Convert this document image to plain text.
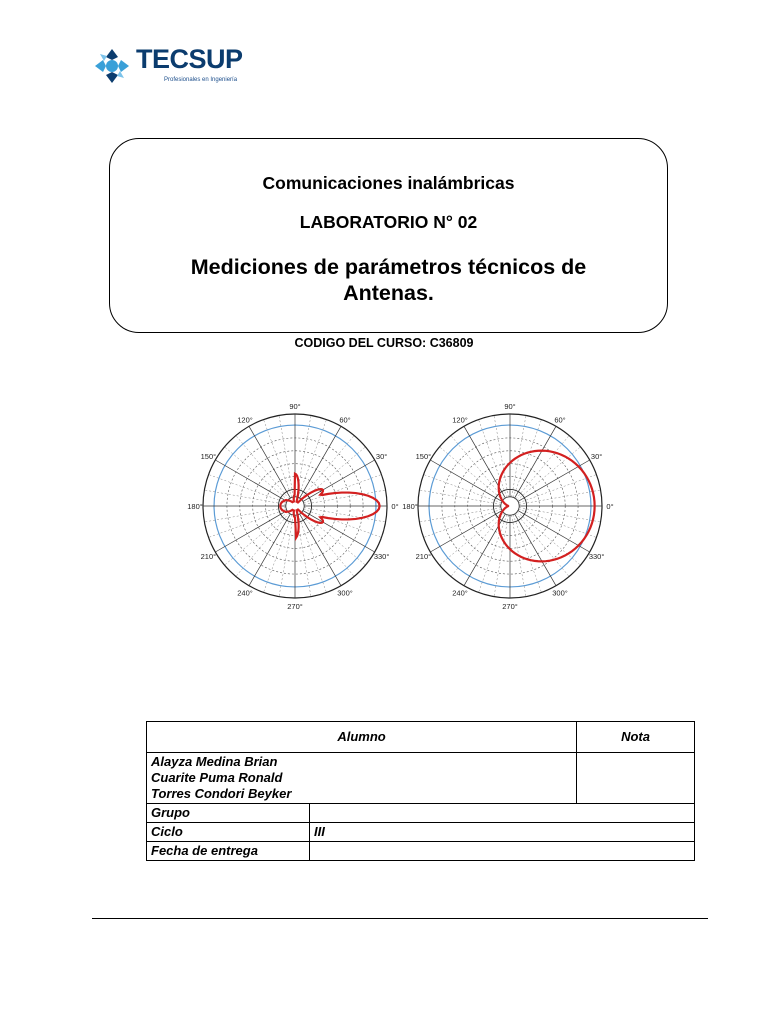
TECSUP
Profesionales en Ingeniería
Comunicaciones inalámbricas
LABORATORIO N° 02
Mediciones de parámetros técnicos de Antenas.
CODIGO DEL CURSO: C36809
0°
30°
60°
90°
120°
150°
180°
210°
240°
270°
300°
330°
0°
30°
60°
90°
120°
150°
180°
210°
240°
270°
300°
330°
Alumno		Nota

Alayza Medina Brian
Cuarite Puma Ronald
Torres Condori Beyker		

Grupo		
Ciclo	III	
Fecha de entrega		
